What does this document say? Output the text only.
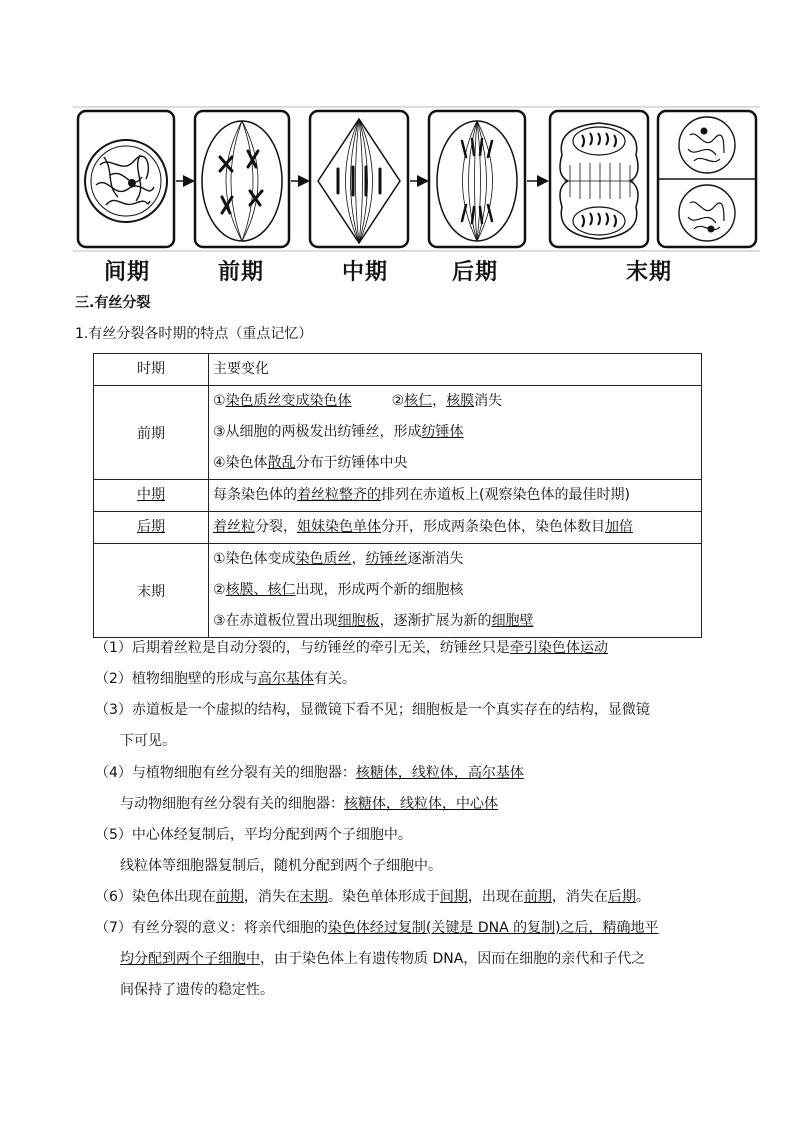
间期	前期	中期	后期	末期
三.有丝分裂
1.有丝分裂各时期的特点（重点记忆）
时期	主要变化
前期	①染色质丝变成染色体 ②核仁，核膜消失
③从细胞的两极发出纺锤丝，形成纺锤体
④染色体散乱分布于纺锤体中央

中期	每条染色体的着丝粒整齐的排列在赤道板上(观察染色体的最佳时期)
后期	着丝粒分裂，姐妹染色单体分开，形成两条染色体，染色体数目加倍
末期	①染色体变成染色质丝，纺锤丝逐渐消失
②核膜、核仁出现，形成两个新的细胞核
③在赤道板位置出现细胞板，逐渐扩展为新的细胞壁
（1）后期着丝粒是自动分裂的，与纺锤丝的牵引无关，纺锤丝只是牵引染色体运动
（2）植物细胞壁的形成与高尔基体有关。
（3）赤道板是一个虚拟的结构，显微镜下看不见；细胞板是一个真实存在的结构，显微镜
下可见。
（4）与植物细胞有丝分裂有关的细胞器：核糖体，线粒体，高尔基体
与动物细胞有丝分裂有关的细胞器：核糖体，线粒体，中心体
（5）中心体经复制后，平均分配到两个子细胞中。
线粒体等细胞器复制后，随机分配到两个子细胞中。
（6）染色体出现在前期，消失在末期。染色单体形成于间期，出现在前期，消失在后期。
（7）有丝分裂的意义：将亲代细胞的染色体经过复制(关键是 DNA 的复制)之后，精确地平
均分配到两个子细胞中，由于染色体上有遗传物质 DNA，因而在细胞的亲代和子代之
间保持了遗传的稳定性。
